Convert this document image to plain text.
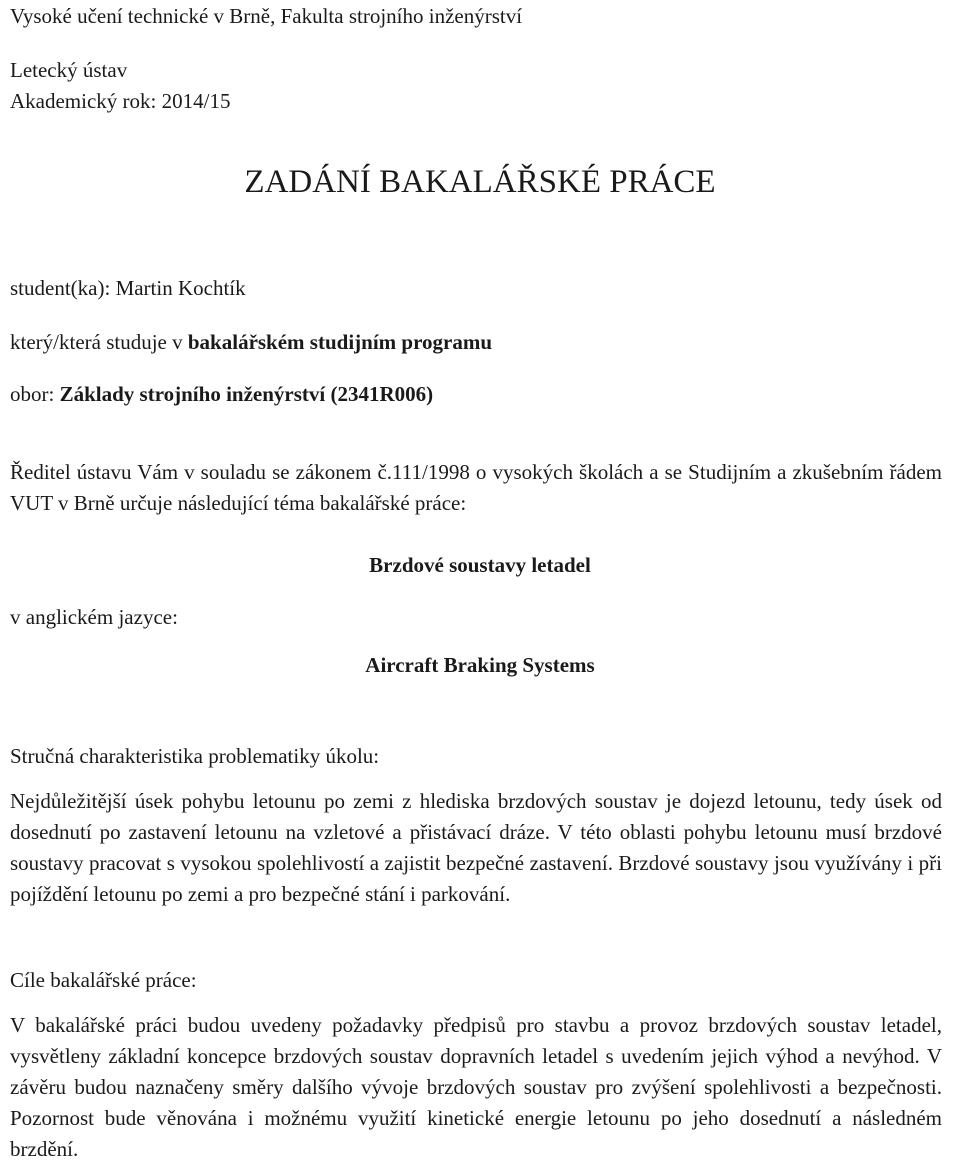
Vysoké učení technické v Brně, Fakulta strojního inženýrství
Letecký ústav
Akademický rok: 2014/15
ZADÁNÍ BAKALÁŘSKÉ PRÁCE
student(ka): Martin Kochtík
který/která studuje v bakalářském studijním programu
obor: Základy strojního inženýrství (2341R006)
Ředitel ústavu Vám v souladu se zákonem č.111/1998 o vysokých školách a se Studijním a zkušebním řádem VUT v Brně určuje následující téma bakalářské práce:
Brzdové soustavy letadel
v anglickém jazyce:
Aircraft Braking Systems
Stručná charakteristika problematiky úkolu:
Nejdůležitější úsek pohybu letounu po zemi z hlediska brzdových soustav je dojezd letounu, tedy úsek od dosednutí po zastavení letounu na vzletové a přistávací dráze. V této oblasti pohybu letounu musí brzdové soustavy pracovat s vysokou spolehlivostí a zajistit bezpečné zastavení. Brzdové soustavy jsou využívány i při pojíždění letounu po zemi a pro bezpečné stání i parkování.
Cíle bakalářské práce:
V bakalářské práci budou uvedeny požadavky předpisů pro stavbu a provoz brzdových soustav letadel, vysvětleny základní koncepce brzdových soustav dopravních letadel s uvedením jejich výhod a nevýhod. V závěru budou naznačeny směry dalšího vývoje brzdových soustav pro zvýšení spolehlivosti a bezpečnosti. Pozornost bude věnována i možnému využití kinetické energie letounu po jeho dosednutí a následném brzdění.
